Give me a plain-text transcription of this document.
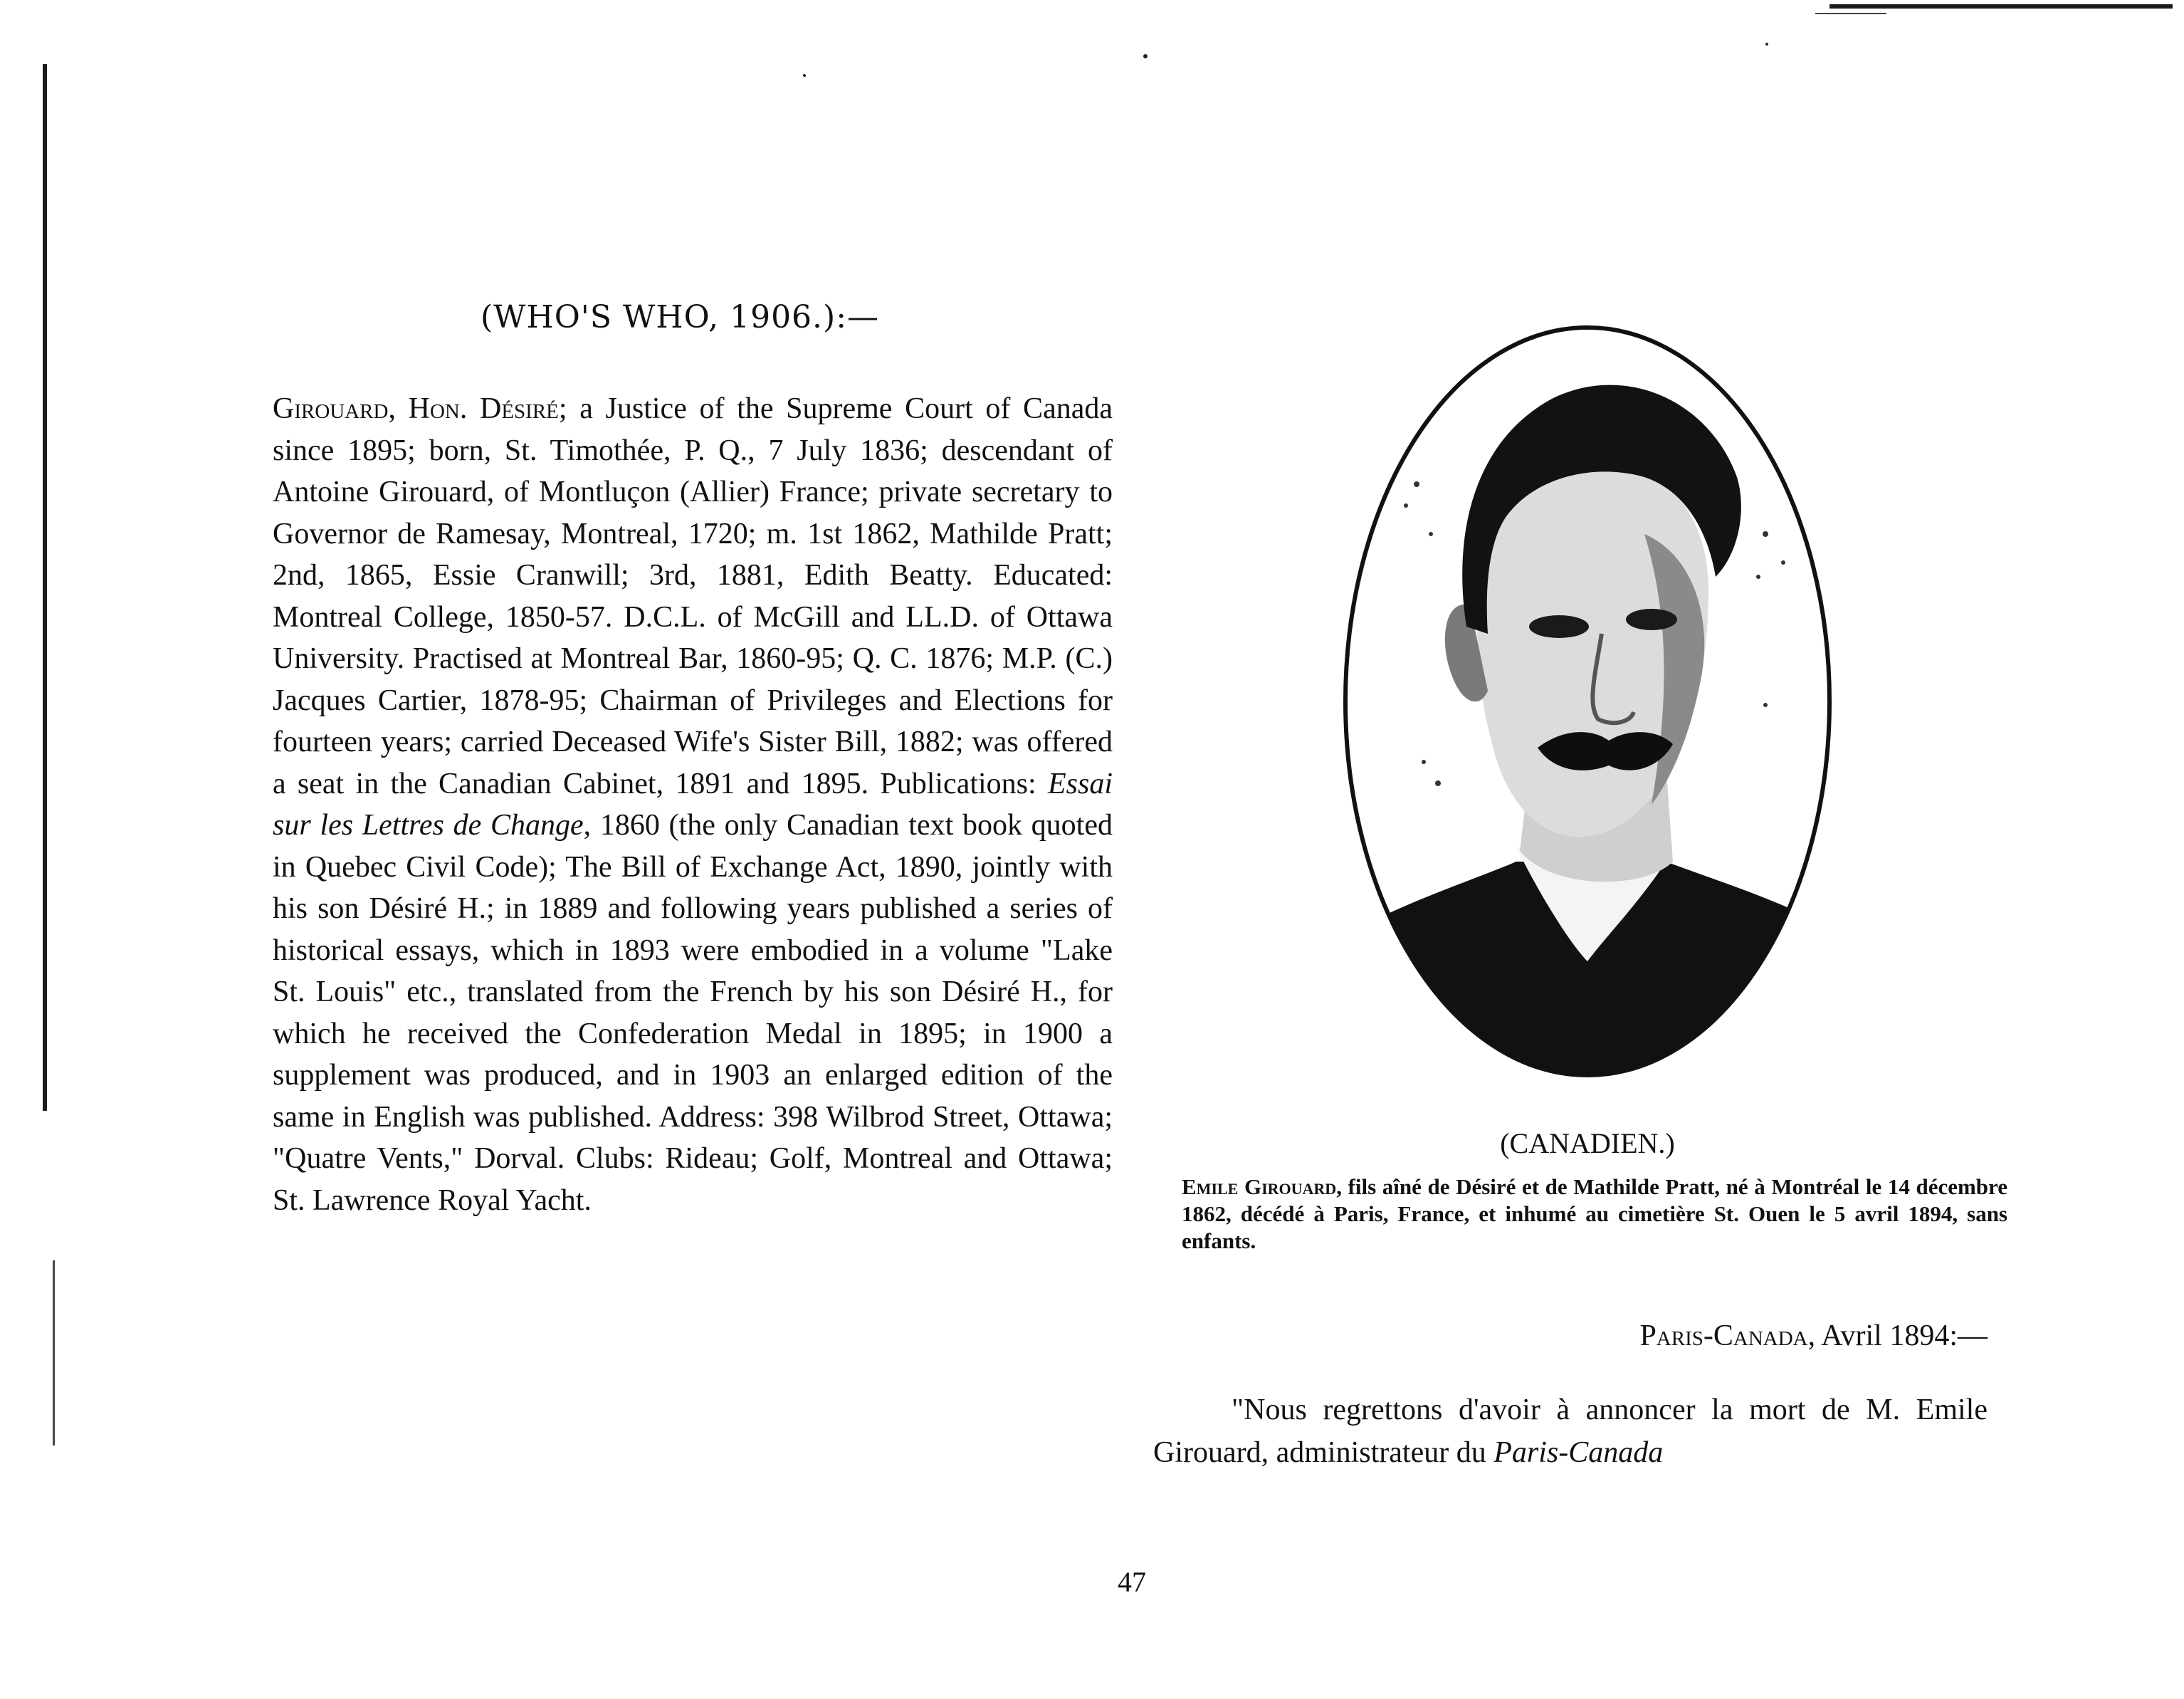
(WHO'S WHO, 1906.):—
Girouard, Hon. Désiré; a Justice of the Supreme Court of Canada since 1895; born, St. Timothée, P. Q., 7 July 1836; descendant of Antoine Girouard, of Montluçon (Allier) France; private secretary to Governor de Ramesay, Montreal, 1720; m. 1st 1862, Mathilde Pratt; 2nd, 1865, Essie Cranwill; 3rd, 1881, Edith Beatty. Educated: Montreal College, 1850-57. D.C.L. of McGill and LL.D. of Ottawa University. Practised at Montreal Bar, 1860-95; Q. C. 1876; M.P. (C.) Jacques Cartier, 1878-95; Chairman of Privileges and Elections for fourteen years; carried Deceased Wife's Sister Bill, 1882; was offered a seat in the Canadian Cabinet, 1891 and 1895. Publications: Essai sur les Lettres de Change, 1860 (the only Canadian text book quoted in Quebec Civil Code); The Bill of Exchange Act, 1890, jointly with his son Désiré H.; in 1889 and following years published a series of historical essays, which in 1893 were embodied in a volume "Lake St. Louis" etc., translated from the French by his son Désiré H., for which he received the Confederation Medal in 1895; in 1900 a supplement was produced, and in 1903 an enlarged edition of the same in English was published. Address: 398 Wilbrod Street, Ottawa; "Quatre Vents," Dorval. Clubs: Rideau; Golf, Montreal and Ottawa; St. Lawrence Royal Yacht.
(CANADIEN.)
Emile Girouard, fils aîné de Désiré et de Mathilde Pratt, né à Montréal le 14 décembre 1862, décédé à Paris, France, et inhumé au cimetière St. Ouen le 5 avril 1894, sans enfants.
Paris-Canada, Avril 1894:—
"Nous regrettons d'avoir à annoncer la mort de M. Emile Girouard, administrateur du Paris-Canada
47
